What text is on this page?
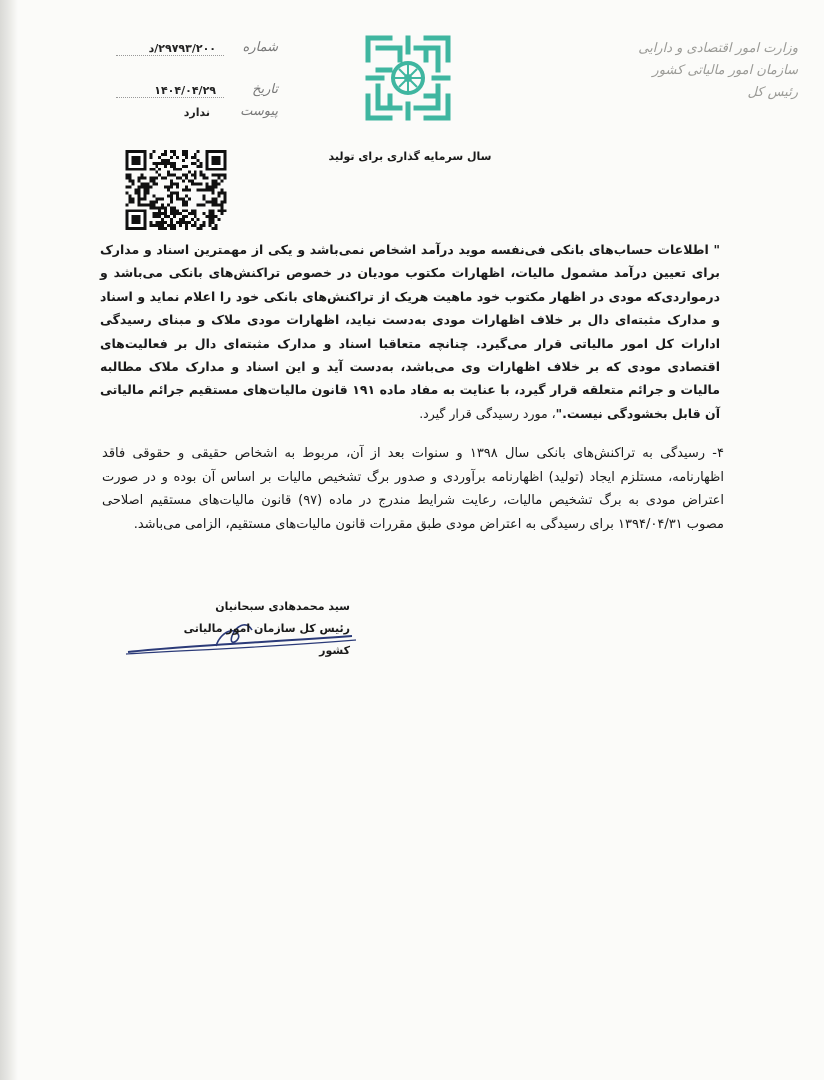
وزارت امور اقتصادی و دارایی
سازمان امور مالیاتی کشور
رئیس کل
شماره
۲۹۷۹۳/۲۰۰/د
تاریخ
۱۴۰۴/۰۴/۲۹
پیوست
ندارد
سال سرمایه گذاری برای تولید
" اطلاعات حساب‌های بانکی فی‌نفسه موید درآمد اشخاص نمی‌باشد و یکی از مهمترین اسناد و مدارک برای تعیین درآمد مشمول مالیات، اظهارات مکتوب مودیان در خصوص تراکنش‌های بانکی می‌باشد و درمواردی‌که مودی در اظهار مکتوب خود ماهیت هریک از تراکنش‌های بانکی خود را اعلام نماید و اسناد و مدارک مثبته‌ای دال بر خلاف اظهارات مودی به‌دست نیاید، اظهارات مودی ملاک و مبنای رسیدگی ادارات کل امور مالیاتی قرار می‌گیرد. چنانچه متعاقبا اسناد و مدارک مثبته‌ای دال بر فعالیت‌های اقتصادی مودی که بر خلاف اظهارات وی می‌باشد، به‌دست آید و این اسناد و مدارک ملاک مطالبه مالیات و جرائم متعلقه قرار گیرد، با عنایت به مفاد ماده ۱۹۱ قانون مالیات‌های مستقیم جرائم مالیاتی آن قابل بخشودگی نیست."، مورد رسیدگی قرار گیرد.
۴- رسیدگی به تراکنش‌های بانکی سال ۱۳۹۸ و سنوات بعد از آن، مربوط به اشخاص حقیقی و حقوقی فاقد اظهارنامه، مستلزم ایجاد (تولید) اظهارنامه برآوردی و صدور برگ تشخیص مالیات بر اساس آن بوده و در صورت اعتراض مودی به برگ تشخیص مالیات، رعایت شرایط مندرج در ماده (۹۷) قانون مالیات‌های مستقیم اصلاحی مصوب ۱۳۹۴/۰۴/۳۱ برای رسیدگی به اعتراض مودی طبق مقررات قانون مالیات‌های مستقیم، الزامی می‌باشد.
سید محمدهادی سبحانیان
رئیس کل سازمان امور مالیاتی کشور
